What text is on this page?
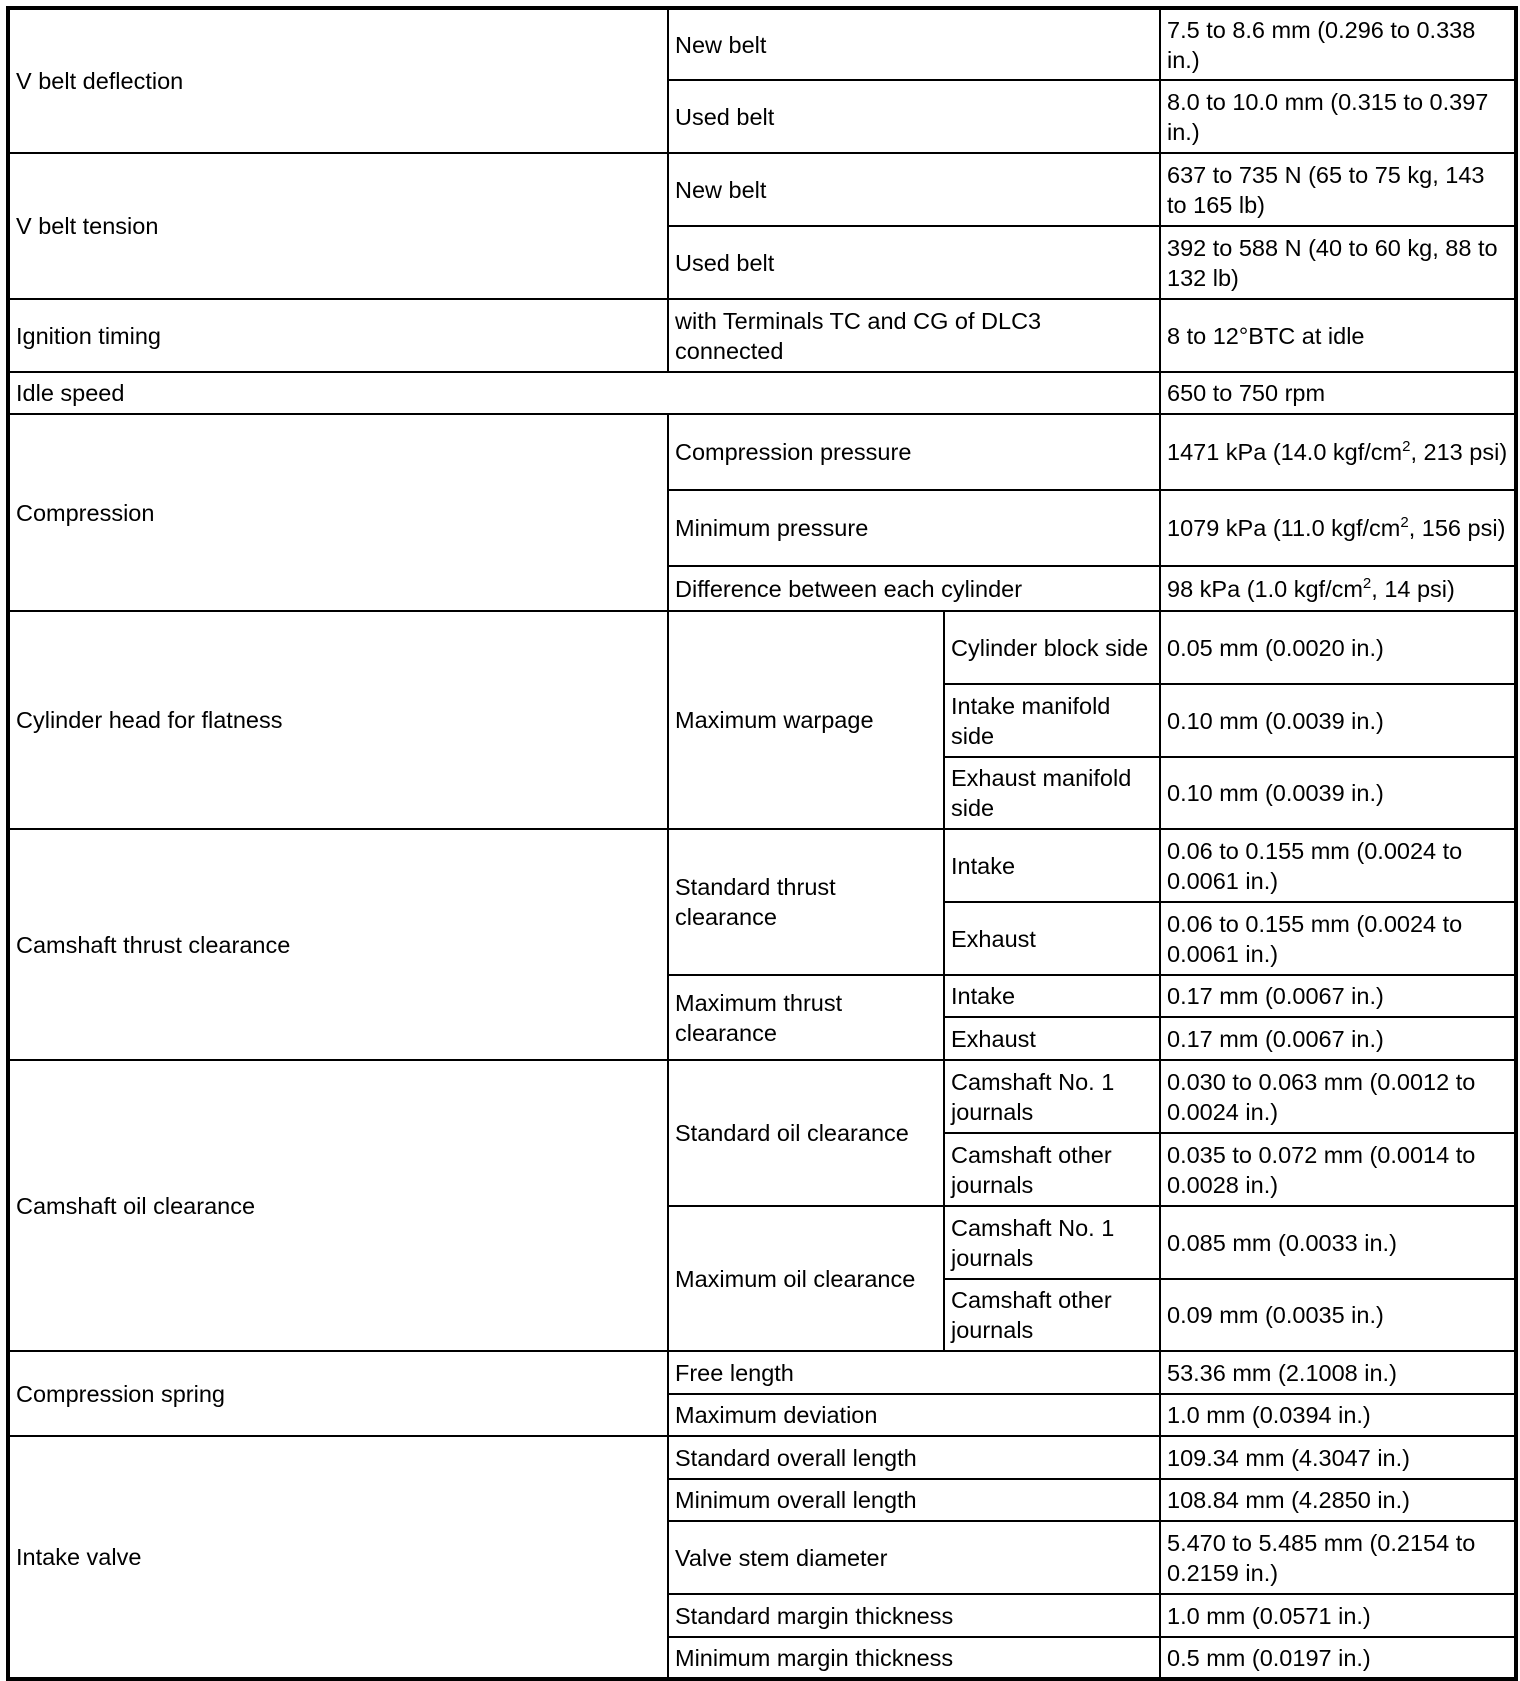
V belt deflection	New belt		7.5 to 8.6 mm (0.296 to 0.338 in.)
	Used belt		8.0 to 10.0 mm (0.315 to 0.397 in.)
V belt tension	New belt		637 to 735 N (65 to 75 kg, 143 to 165 lb)
	Used belt		392 to 588 N (40 to 60 kg, 88 to 132 lb)
Ignition timing	with Terminals TC and CG of DLC3 connected		8 to 12°BTC at idle
Idle speed			650 to 750 rpm
Compression	Compression pressure		1471 kPa (14.0 kgf/$cm^2$, 213 psi)
	Minimum pressure		1079 kPa (11.0 kgf/$cm^2$, 156 psi)
	Difference between each cylinder		98 kPa (1.0 kgf/$cm^2$, 14 psi)
Cylinder head for flatness	Maximum warpage	Cylinder block side	0.05 mm (0.0020 in.)
		Intake manifold side	0.10 mm (0.0039 in.)
		Exhaust manifold side	0.10 mm (0.0039 in.)
Camshaft thrust clearance	Standard thrust clearance	Intake	0.06 to 0.155 mm (0.0024 to 0.0061 in.)
		Exhaust	0.06 to 0.155 mm (0.0024 to 0.0061 in.)
	Maximum thrust clearance	Intake	0.17 mm (0.0067 in.)
		Exhaust	0.17 mm (0.0067 in.)
Camshaft oil clearance	Standard oil clearance	Camshaft No. 1 journals	0.030 to 0.063 mm (0.0012 to 0.0024 in.)
		Camshaft other journals	0.035 to 0.072 mm (0.0014 to 0.0028 in.)
	Maximum oil clearance	Camshaft No. 1 journals	0.085 mm (0.0033 in.)
		Camshaft other journals	0.09 mm (0.0035 in.)
Compression spring	Free length		53.36 mm (2.1008 in.)
	Maximum deviation		1.0 mm (0.0394 in.)
Intake valve	Standard overall length		109.34 mm (4.3047 in.)
	Minimum overall length		108.84 mm (4.2850 in.)
	Valve stem diameter		5.470 to 5.485 mm (0.2154 to 0.2159 in.)
	Standard margin thickness		1.0 mm (0.0571 in.)
	Minimum margin thickness		0.5 mm (0.0197 in.)
